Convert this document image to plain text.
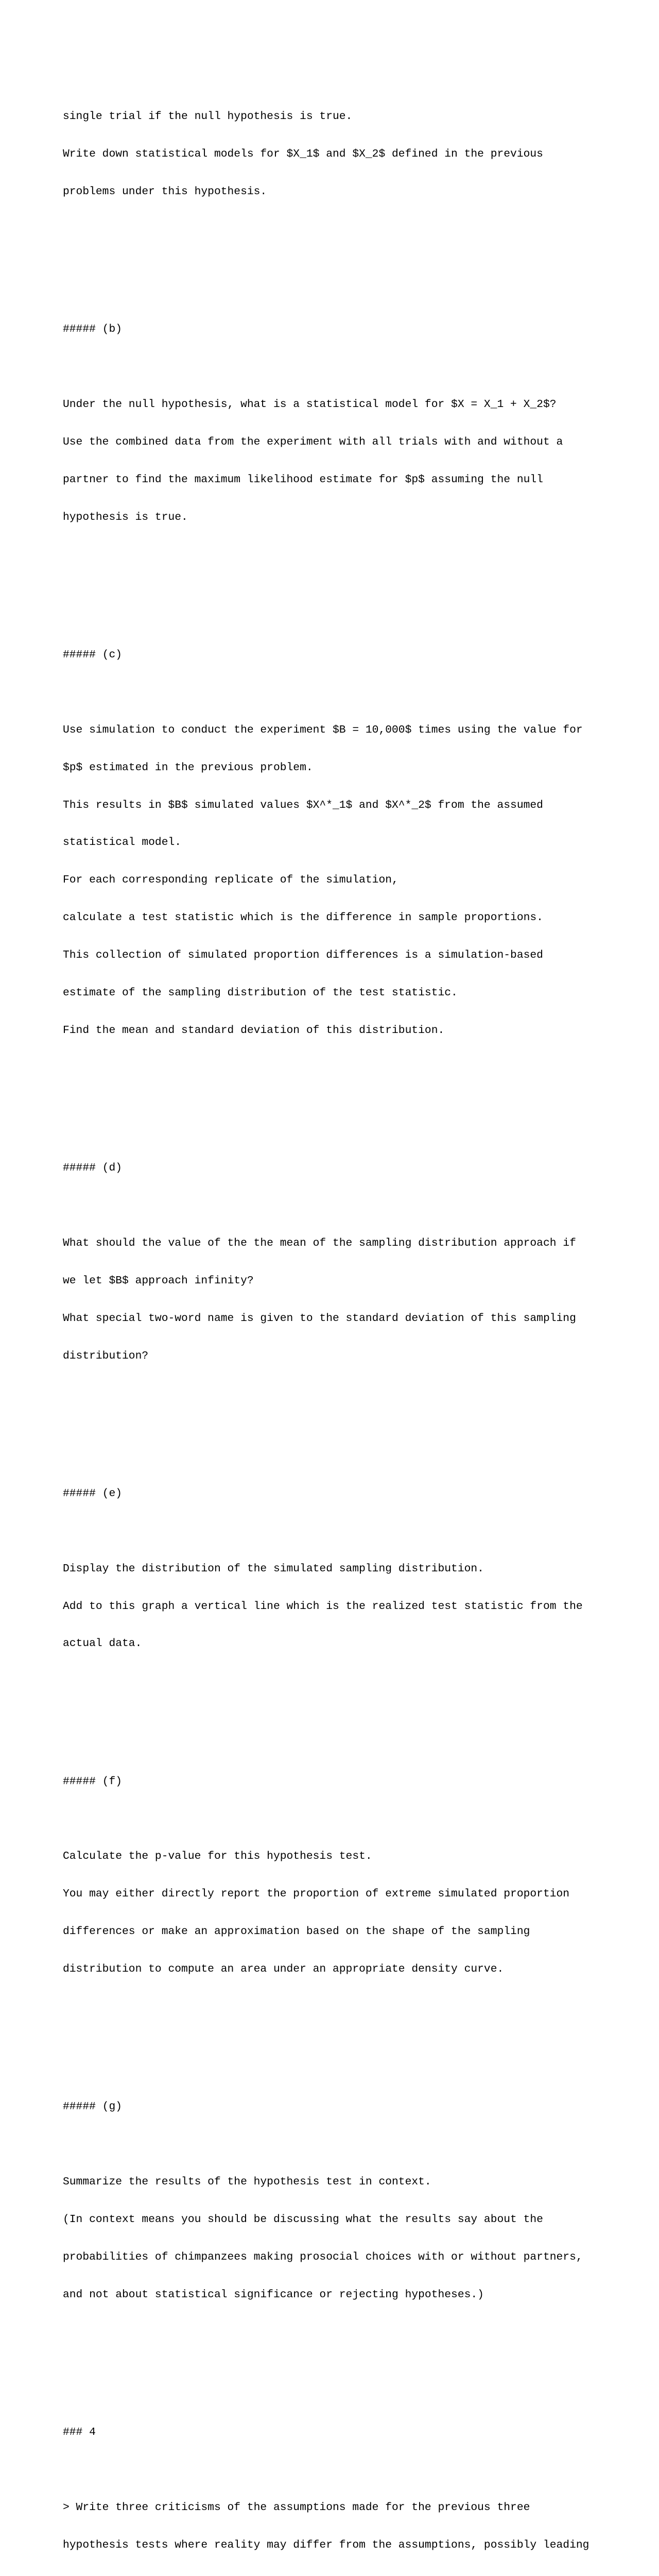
single trial if the null hypothesis is true.

Write down statistical models for $X_1$ and $X_2$ defined in the previous

problems under this hypothesis.

##### (b)

Under the null hypothesis, what is a statistical model for $X = X_1 + X_2$?

Use the combined data from the experiment with all trials with and without a

partner to find the maximum likelihood estimate for $p$ assuming the null

hypothesis is true.

##### (c)

Use simulation to conduct the experiment $B = 10,000$ times using the value for

$p$ estimated in the previous problem.

This results in $B$ simulated values $X^*_1$ and $X^*_2$ from the assumed

statistical model.

For each corresponding replicate of the simulation,

calculate a test statistic which is the difference in sample proportions.

This collection of simulated proportion differences is a simulation-based

estimate of the sampling distribution of the test statistic.

Find the mean and standard deviation of this distribution.

##### (d)

What should the value of the the mean of the sampling distribution approach if

we let $B$ approach infinity?

What special two-word name is given to the standard deviation of this sampling

distribution?

##### (e)

Display the distribution of the simulated sampling distribution.

Add to this graph a vertical line which is the realized test statistic from the

actual data.

##### (f)

Calculate the p-value for this hypothesis test.

You may either directly report the proportion of extreme simulated proportion

differences or make an approximation based on the shape of the sampling

distribution to compute an area under an appropriate density curve.

##### (g)

Summarize the results of the hypothesis test in context.

(In context means you should be discussing what the results say about the

probabilities of chimpanzees making prosocial choices with or without partners,

and not about statistical significance or rejecting hypotheses.)

### 4

> Write three criticisms of the assumptions made for the previous three

hypothesis tests where reality may differ from the assumptions, possibly leading
